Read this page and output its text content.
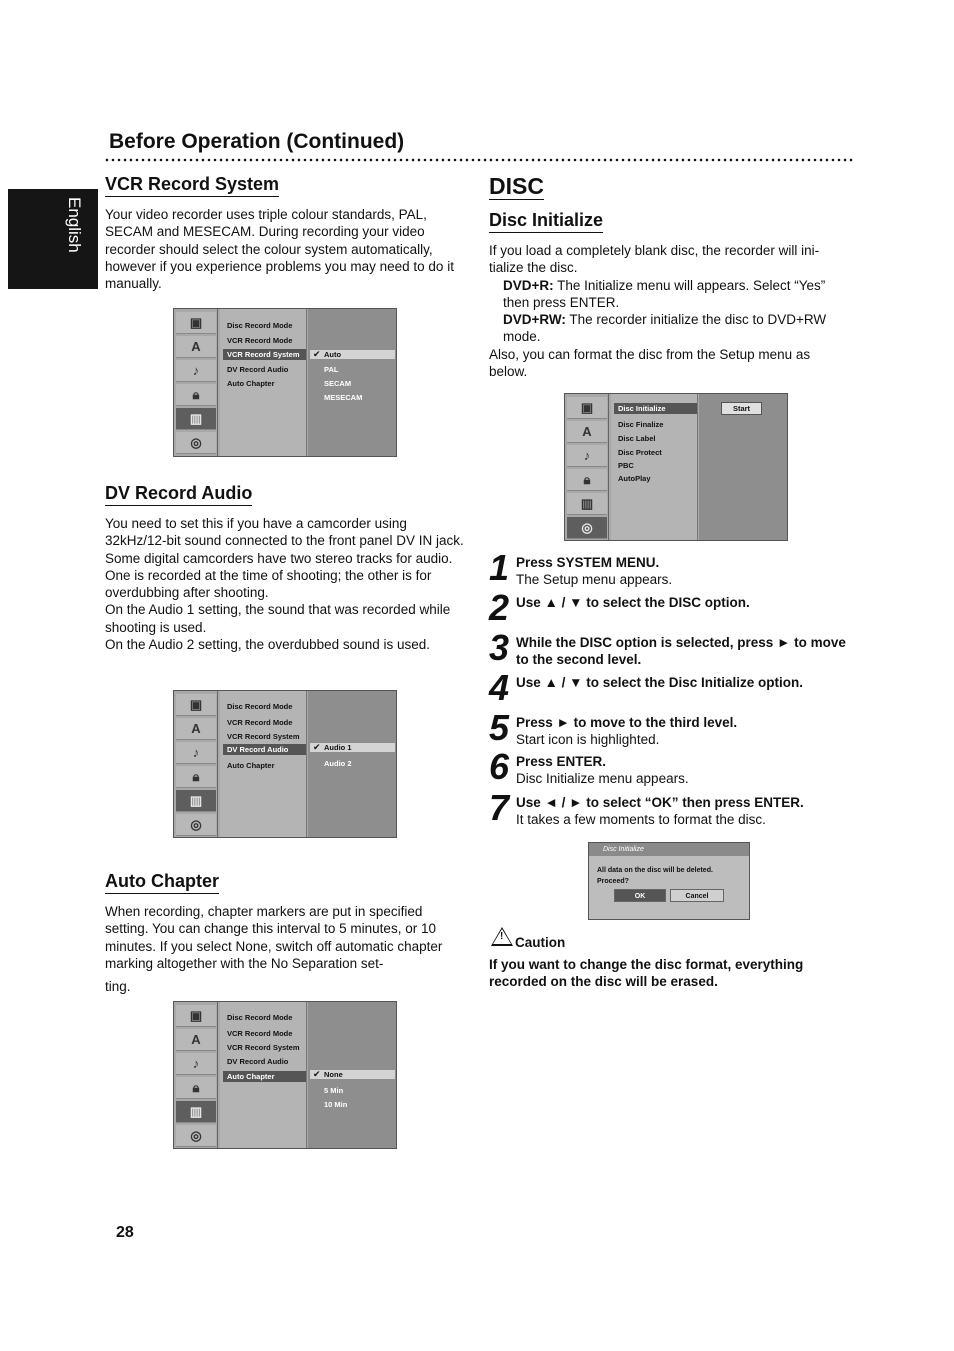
Before Operation (Continued)
English
VCR Record System
Your video recorder uses triple colour standards, PAL, SECAM and MESECAM. During recording your video recorder should select the colour system automatically, however if you experience problems you may need to do it manually.
▣
A
♪
🔒︎
▥
◎
Disc Record Mode
VCR Record Mode
VCR Record System
DV Record Audio
Auto Chapter
Auto
✔
PAL
SECAM
MESECAM
DV Record Audio

You need to set this if you have a camcorder using 32kHz/12-bit sound connected to the front panel DV IN jack.

Some digital camcorders have two stereo tracks for audio. One is recorded at the time of shooting; the other is for overdubbing after shooting.

On the Audio 1 setting, the sound that was recorded while shooting is used.

On the Audio 2 setting, the overdubbed sound is used.

▣
A
♪
🔒︎
▥
◎
Disc Record Mode
VCR Record Mode
VCR Record System
DV Record Audio
Auto Chapter
Audio 1
✔
Audio 2
Auto Chapter
When recording, chapter markers are put in specified setting. You can change this interval to 5 minutes, or 10 minutes. If you select None, switch off automatic chapter marking altogether with the No Separation set-
ting.
▣
A
♪
🔒︎
▥
◎
Disc Record Mode
VCR Record Mode
VCR Record System
DV Record Audio
Auto Chapter	None
✔
5 Min
10 Min
DISC
Disc Initialize

If you load a completely blank disc, the recorder will ini-tialize the disc.

DVD+R: The Initialize menu will appears. Select “Yes” then press ENTER.

DVD+RW: The recorder initialize the disc to DVD+RW mode.

Also, you can format the disc from the Setup menu as below.

▣
A
♪
🔒︎
▥
◎
Disc Initialize
Disc Finalize
Disc Label
Disc Protect
PBC
AutoPlay
Start
1 Press SYSTEM MENU.
The Setup menu appears.
2 Use ▲ / ▼ to select the DISC option.
3 While the DISC option is selected, press ► to move to the second level.
4 Use ▲ / ▼ to select the Disc Initialize option.
5 Press ► to move to the third level.
Start icon is highlighted.
6 Press ENTER.
Disc Initialize menu appears.
7 Use ◄ / ► to select “OK” then press ENTER.
It takes a few moments to format the disc.
Disc Initialize
All data on the disc will be deleted.
Proceed?
OK	Cancel
! Caution
If you want to change the disc format, everything recorded on the disc will be erased.
28
